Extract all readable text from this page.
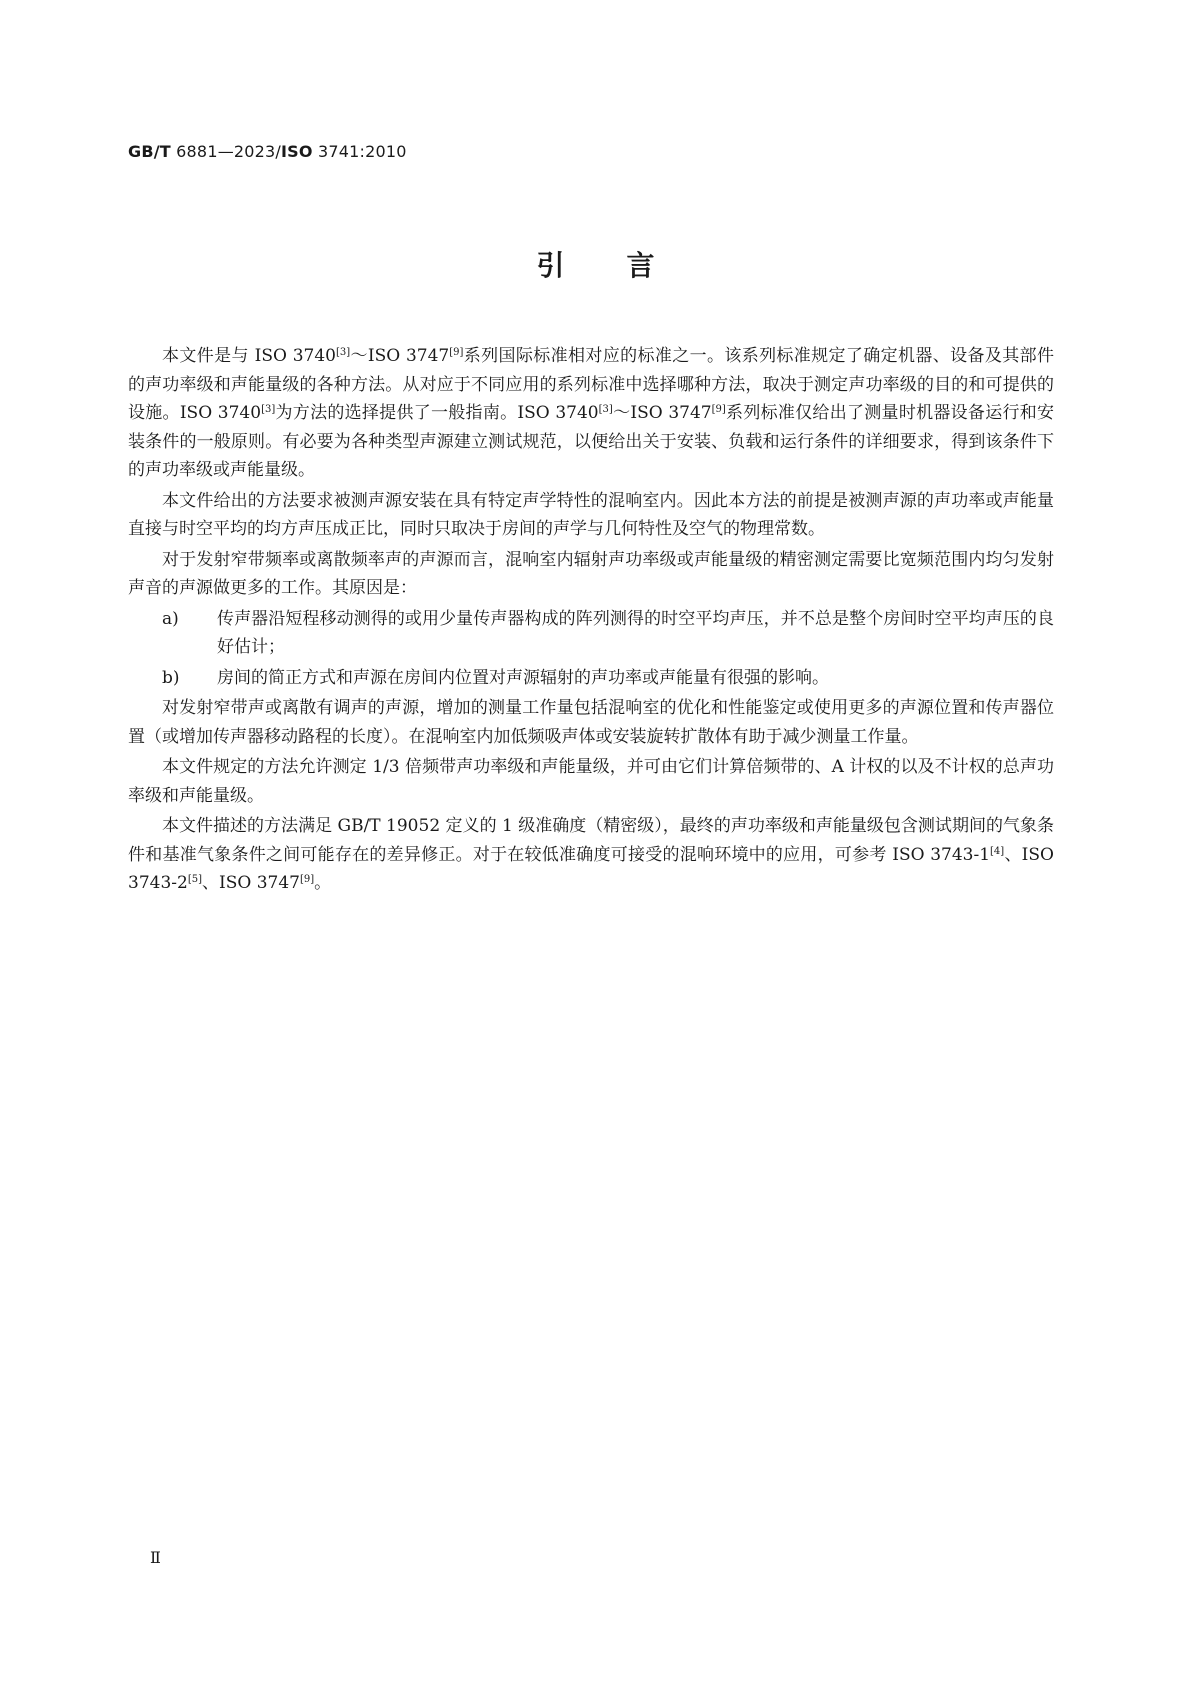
GB/T 6881—2023/ISO 3741:2010
引言

本文件是与 ISO 3740[3]～ISO 3747[9]系列国际标准相对应的标准之一。该系列标准规定了确定机器、设备及其部件的声功率级和声能量级的各种方法。从对应于不同应用的系列标准中选择哪种方法，取决于测定声功率级的目的和可提供的设施。ISO 3740[3]为方法的选择提供了一般指南。ISO 3740[3]～ISO 3747[9]系列标准仅给出了测量时机器设备运行和安装条件的一般原则。有必要为各种类型声源建立测试规范，以便给出关于安装、负载和运行条件的详细要求，得到该条件下的声功率级或声能量级。

本文件给出的方法要求被测声源安装在具有特定声学特性的混响室内。因此本方法的前提是被测声源的声功率或声能量直接与时空平均的均方声压成正比，同时只取决于房间的声学与几何特性及空气的物理常数。

对于发射窄带频率或离散频率声的声源而言，混响室内辐射声功率级或声能量级的精密测定需要比宽频范围内均匀发射声音的声源做更多的工作。其原因是：

a) 传声器沿短程移动测得的或用少量传声器构成的阵列测得的时空平均声压，并不总是整个房间时空平均声压的良好估计；
b) 房间的简正方式和声源在房间内位置对声源辐射的声功率或声能量有很强的影响。

对发射窄带声或离散有调声的声源，增加的测量工作量包括混响室的优化和性能鉴定或使用更多的声源位置和传声器位置（或增加传声器移动路程的长度）。在混响室内加低频吸声体或安装旋转扩散体有助于减少测量工作量。

本文件规定的方法允许测定 1/3 倍频带声功率级和声能量级，并可由它们计算倍频带的、A 计权的以及不计权的总声功率级和声能量级。

本文件描述的方法满足 GB/T 19052 定义的 1 级准确度（精密级），最终的声功率级和声能量级包含测试期间的气象条件和基准气象条件之间可能存在的差异修正。对于在较低准确度可接受的混响环境中的应用，可参考 ISO 3743-1[4]、ISO 3743-2[5]、ISO 3747[9]。

Ⅱ
